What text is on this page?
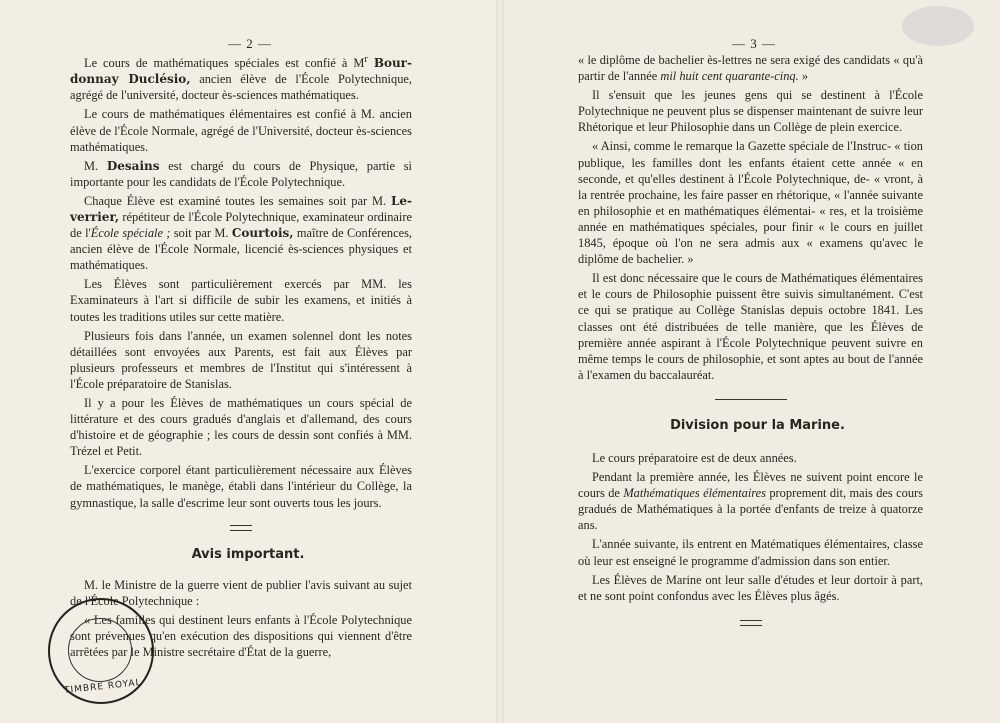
— 2 —	— 3 —

Le cours de mathématiques spéciales est confié à $M^r$ Bour-donnay Duclésio, ancien élève de l'École Polytechnique, agrégé de l'université, docteur ès-sciences mathématiques.

Le cours de mathématiques élémentaires est confié à M. ancien élève de l'École Normale, agrégé de l'Université, docteur ès-sciences mathématiques.

M. Desains est chargé du cours de Physique, partie si importante pour les candidats de l'École Polytechnique.

Chaque Élève est examiné toutes les semaines soit par M. Le-verrier, répétiteur de l'École Polytechnique, examinateur ordinaire de l'École spéciale ; soit par M. Courtois, maître de Conférences, ancien élève de l'École Normale, licencié ès-sciences physiques et mathématiques.

Les Élèves sont particulièrement exercés par MM. les Examinateurs à l'art si difficile de subir les examens, et initiés à toutes les traditions utiles sur cette matière.

Plusieurs fois dans l'année, un examen solennel dont les notes détaillées sont envoyées aux Parents, est fait aux Élèves par plusieurs professeurs et membres de l'Institut qui s'intéressent à l'École préparatoire de Stanislas.

Il y a pour les Élèves de mathématiques un cours spécial de littérature et des cours gradués d'anglais et d'allemand, des cours d'histoire et de géographie ; les cours de dessin sont confiés à MM. Trézel et Petit.

L'exercice corporel étant particulièrement nécessaire aux Élèves de mathématiques, le manège, établi dans l'intérieur du Collège, la gymnastique, la salle d'escrime leur sont ouverts tous les jours.

Avis important.

M. le Ministre de la guerre vient de publier l'avis suivant au sujet de l'École Polytechnique :

« Les familles qui destinent leurs enfants à l'École Polytechnique sont prévenues qu'en exécution des dispositions qui viennent d'être arrêtées par le Ministre secrétaire d'État de la guerre,

TIMBRE ROYAL

« le diplôme de bachelier ès-lettres ne sera exigé des candidats « qu'à partir de l'année mil huit cent quarante-cinq. »

Il s'ensuit que les jeunes gens qui se destinent à l'École Polytechnique ne peuvent plus se dispenser maintenant de suivre leur Rhétorique et leur Philosophie dans un Collège de plein exercice.

« Ainsi, comme le remarque la Gazette spéciale de l'Instruc- « tion publique, les familles dont les enfants étaient cette année « en seconde, et qu'elles destinent à l'École Polytechnique, de- « vront, à la rentrée prochaine, les faire passer en rhétorique, « l'année suivante en philosophie et en mathématiques élémentai- « res, et la troisième année en mathématiques spéciales, pour finir « le cours en juillet 1845, époque où l'on ne sera admis aux « examens qu'avec le diplôme de bachelier. »

Il est donc nécessaire que le cours de Mathématiques élémentaires et le cours de Philosophie puissent être suivis simultanément. C'est ce qui se pratique au Collège Stanislas depuis octobre 1841. Les classes ont été distribuées de telle manière, que les Élèves de première année aspirant à l'École Polytechnique peuvent suivre en même temps le cours de philosophie, et sont aptes au bout de l'année à l'examen du baccalauréat.

Division pour la Marine.

Le cours préparatoire est de deux années.

Pendant la première année, les Élèves ne suivent point encore le cours de Mathématiques élémentaires proprement dit, mais des cours gradués de Mathématiques à la portée d'enfants de treize à quatorze ans.

L'année suivante, ils entrent en Matématiques élémentaires, classe où leur est enseigné le programme d'admission dans son entier.

Les Élèves de Marine ont leur salle d'études et leur dortoir à part, et ne sont point confondus avec les Élèves plus âgés.
